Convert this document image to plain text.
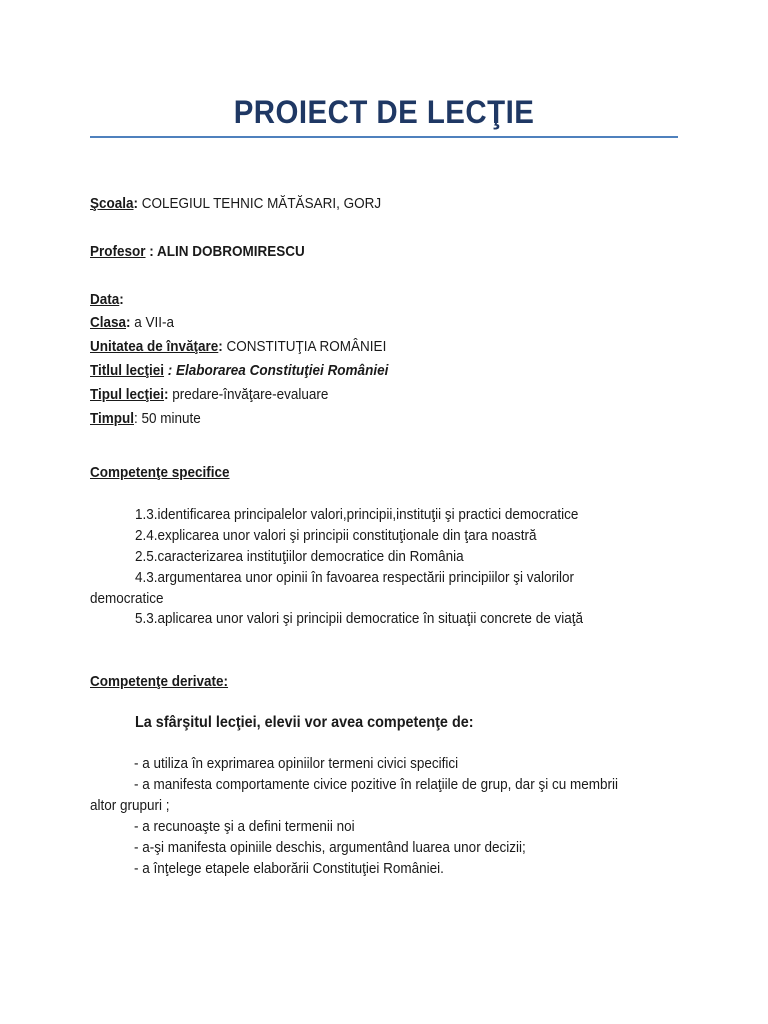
PROIECT DE LECŢIE
Şcoala: COLEGIUL TEHNIC MĂTĂSARI, GORJ
Profesor : ALIN DOBROMIRESCU
Data:
Clasa: a VII-a
Unitatea de învăţare: CONSTITUŢIA ROMÂNIEI
Titlul lecţiei : Elaborarea Constituţiei României
Tipul lecţiei: predare-învăţare-evaluare
Timpul: 50 minute
Competenţe specifice
1.3.identificarea principalelor valori,principii,instituţii şi practici democratice
2.4.explicarea unor valori şi principii constituţionale din ţara noastră
2.5.caracterizarea instituţiilor democratice din România
4.3.argumentarea unor opinii în favoarea respectării principiilor şi valorilor
democratice
5.3.aplicarea unor valori şi principii democratice în situaţii concrete de viaţă
Competenţe derivate:
La sfârşitul lecţiei, elevii vor avea competenţe de:
- a utiliza în exprimarea opiniilor termeni civici specifici
- a manifesta comportamente civice pozitive în relaţiile de grup, dar şi cu membrii
altor grupuri ;
- a recunoaşte şi a defini termenii noi
- a-şi manifesta opiniile deschis, argumentând luarea unor decizii;
- a înţelege etapele elaborării Constituţiei României.
